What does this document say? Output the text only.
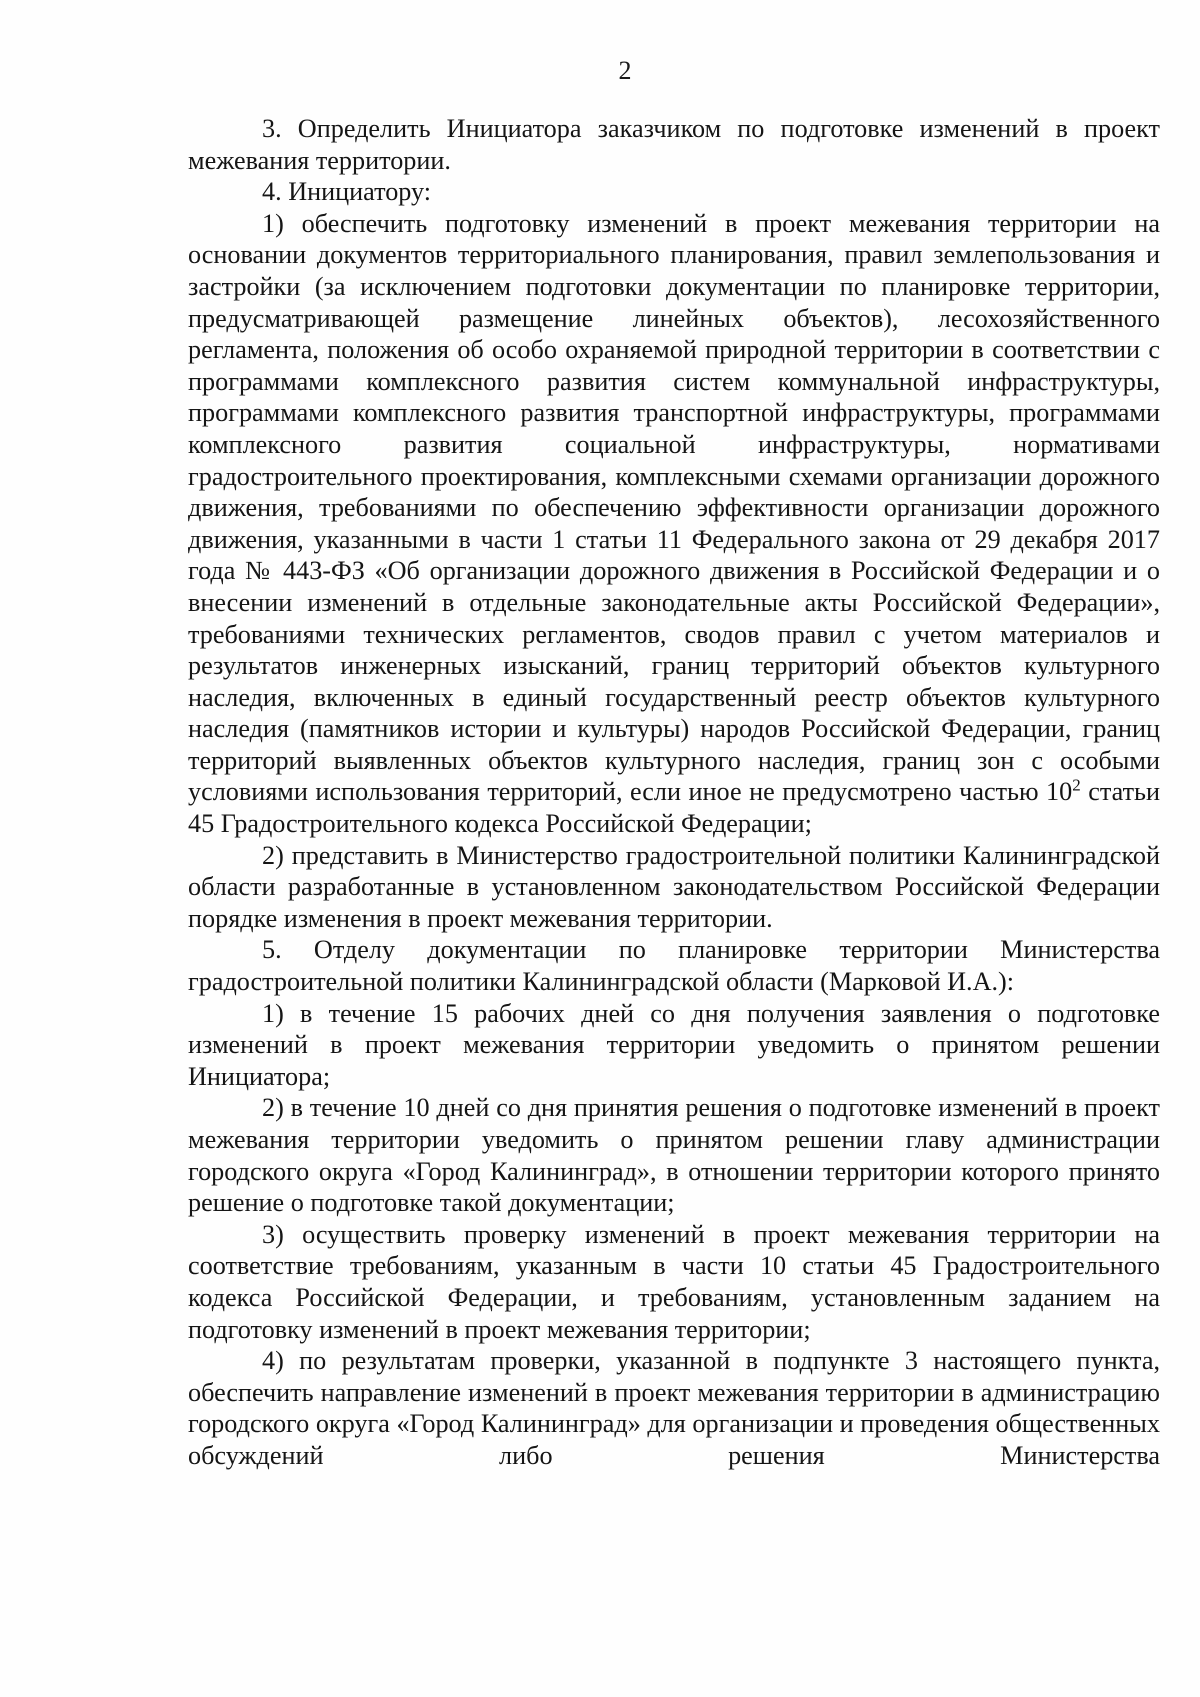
2

3. Определить Инициатора заказчиком по подготовке изменений в проект межевания территории.

4. Инициатору:

1) обеспечить подготовку изменений в проект межевания территории на основании документов территориального планирования, правил землепользования и застройки (за исключением подготовки документации по планировке территории, предусматривающей размещение линейных объектов), лесохозяйственного регламента, положения об особо охраняемой природной территории в соответствии с программами комплексного развития систем коммунальной инфраструктуры, программами комплексного развития транспортной инфраструктуры, программами комплексного развития социальной инфраструктуры, нормативами градостроительного проектирования, комплексными схемами организации дорожного движения, требованиями по обеспечению эффективности организации дорожного движения, указанными в части 1 статьи 11 Федерального закона от 29 декабря 2017 года № 443-ФЗ «Об организации дорожного движения в Российской Федерации и о внесении изменений в отдельные законодательные акты Российской Федерации», требованиями технических регламентов, сводов правил с учетом материалов и результатов инженерных изысканий, границ территорий объектов культурного наследия, включенных в единый государственный реестр объектов культурного наследия (памятников истории и культуры) народов Российской Федерации, границ территорий выявленных объектов культурного наследия, границ зон с особыми условиями использования территорий, если иное не предусмотрено частью $10^2$ статьи 45 Градостроительного кодекса Российской Федерации;

2) представить в Министерство градостроительной политики Калининградской области разработанные в установленном законодательством Российской Федерации порядке изменения в проект межевания территории.

5. Отделу документации по планировке территории Министерства градостроительной политики Калининградской области (Марковой И.А.):

1) в течение 15 рабочих дней со дня получения заявления о подготовке изменений в проект межевания территории уведомить о принятом решении Инициатора;

2) в течение 10 дней со дня принятия решения о подготовке изменений в проект межевания территории уведомить о принятом решении главу администрации городского округа «Город Калининград», в отношении территории которого принято решение о подготовке такой документации;

3) осуществить проверку изменений в проект межевания территории на соответствие требованиям, указанным в части 10 статьи 45 Градостроительного кодекса Российской Федерации, и требованиям, установленным заданием на подготовку изменений в проект межевания территории;

4) по результатам проверки, указанной в подпункте 3 настоящего пункта, обеспечить направление изменений в проект межевания территории в администрацию городского округа «Город Калининград» для организации и проведения общественных обсуждений либо решения Министерства
